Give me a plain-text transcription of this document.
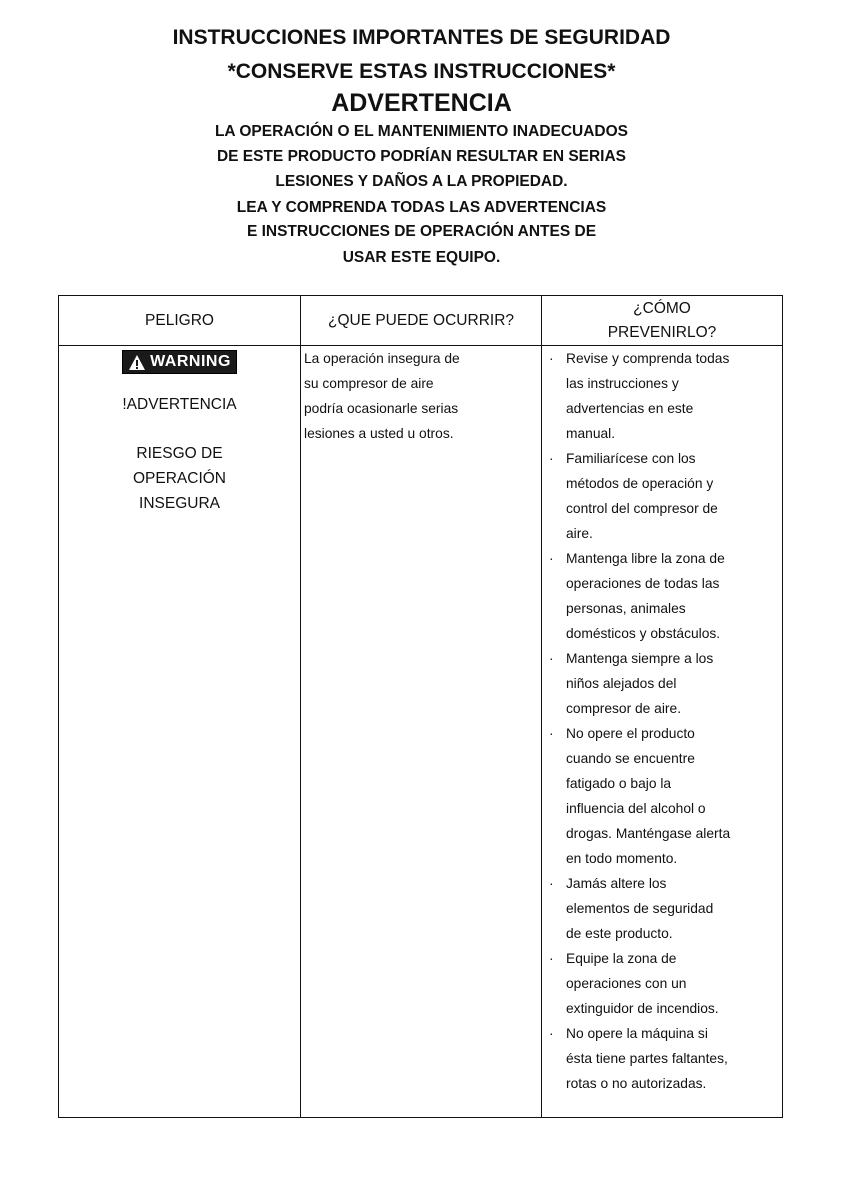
INSTRUCCIONES IMPORTANTES DE SEGURIDAD
*CONSERVE ESTAS INSTRUCCIONES*
ADVERTENCIA
LA OPERACIÓN O EL MANTENIMIENTO INADECUADOS
DE ESTE PRODUCTO PODRÍAN RESULTAR EN SERIAS
LESIONES Y DAÑOS A LA PROPIEDAD.
LEA Y COMPRENDA TODAS LAS ADVERTENCIAS
E INSTRUCCIONES DE OPERACIÓN ANTES DE
USAR ESTE EQUIPO.
PELIGRO	¿QUE PUEDE OCURRIR?
¿CÓMO
PREVENIRLO?
WARNING
!ADVERTENCIA
RIESGO DE
OPERACIÓN
INSEGURA
La operación insegura de
su compresor de aire
podría ocasionarle serias
lesiones a usted u otros.
· Revise y comprenda todas
las instrucciones y
advertencias en este
manual.
· Familiarícese con los
métodos de operación y
control del compresor de
aire.
· Mantenga libre la zona de
operaciones de todas las
personas, animales
domésticos y obstáculos.
· Mantenga siempre a los
niños alejados del
compresor de aire.
· No opere el producto
cuando se encuentre
fatigado o bajo la
influencia del alcohol o
drogas. Manténgase alerta
en todo momento.
· Jamás altere los
elementos de seguridad
de este producto.
· Equipe la zona de
operaciones con un
extinguidor de incendios.
· No opere la máquina si
ésta tiene partes faltantes,
rotas o no autorizadas.
